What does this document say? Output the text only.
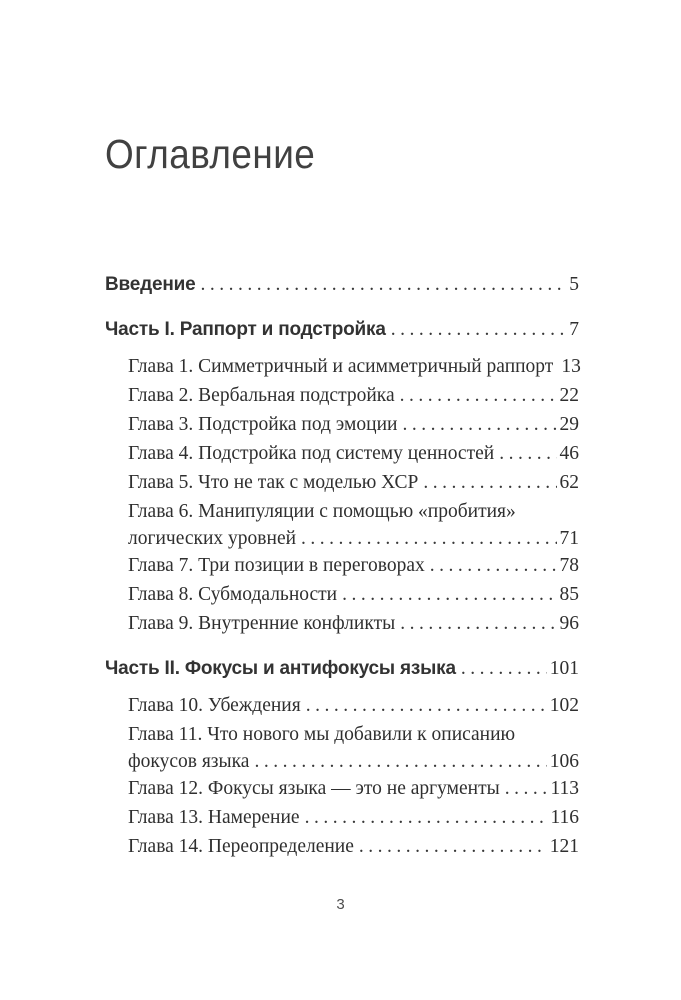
Оглавление
Введение .....	5
Часть I. Раппорт и подстройка .....	7
Глава 1. Симметричный и асимметричный раппорт 13
Глава 2. Вербальная подстройка .....	22
Глава 3. Подстройка под эмоции .....	29
Глава 4. Подстройка под систему ценностей .....	46
Глава 5. Что не так с моделью ХСР .....	62
Глава 6. Манипуляции с помощью «пробития»
логических уровней .....	71
Глава 7. Три позиции в переговорах .....	78
Глава 8. Субмодальности .....	85
Глава 9. Внутренние конфликты .....	96
Часть II. Фокусы и антифокусы языка .....	101
Глава 10. Убеждения .....	102
Глава 11. Что нового мы добавили к описанию
фокусов языка .....	106
Глава 12. Фокусы языка — это не аргументы .....	113
Глава 13. Намерение .....	116
Глава 14. Переопределение .....	121
3
